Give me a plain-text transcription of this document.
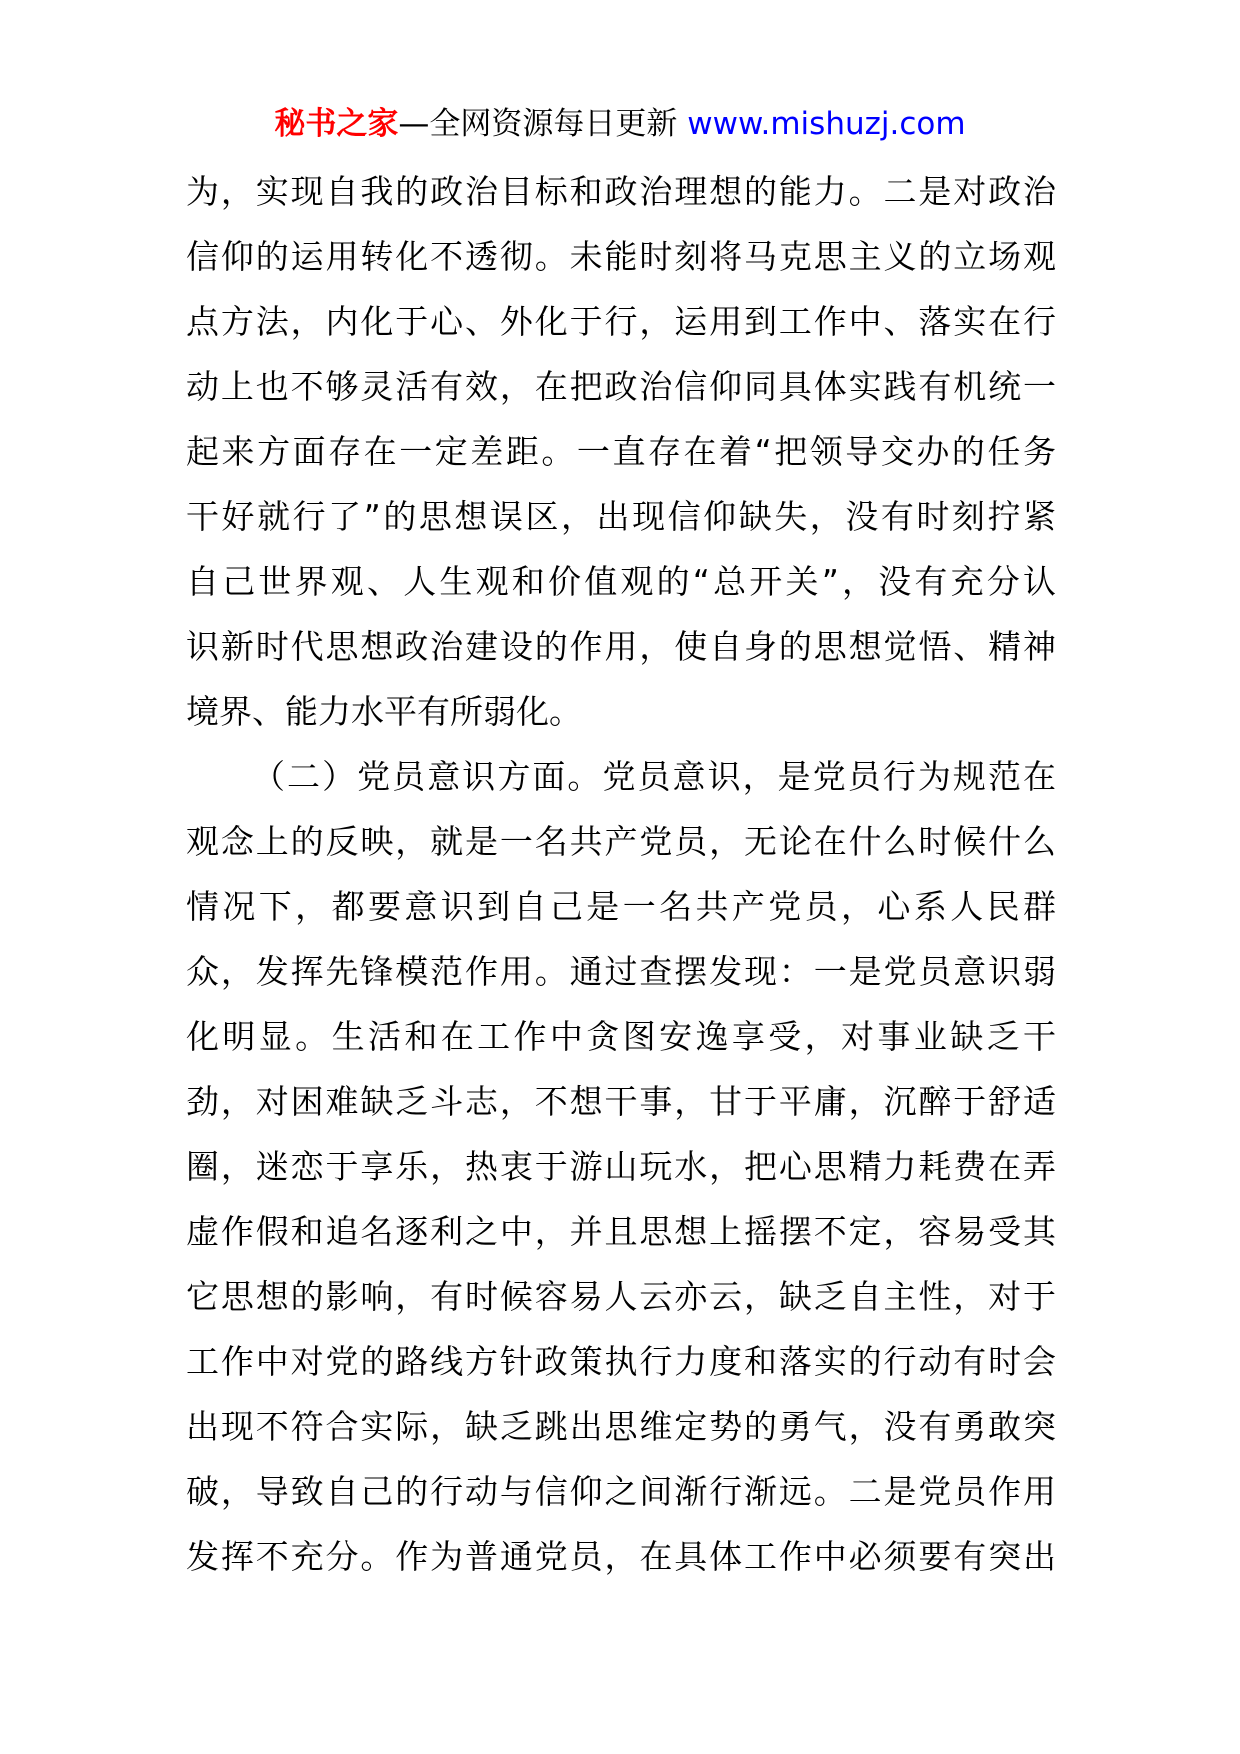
秘书之家—全网资源每日更新 www.mishuzj.com
为，实现自我的政治目标和政治理想的能力。二是对政治
信仰的运用转化不透彻。未能时刻将马克思主义的立场观
点方法，内化于心、外化于行，运用到工作中、落实在行
动上也不够灵活有效，在把政治信仰同具体实践有机统一
起来方面存在一定差距。一直存在着“把领导交办的任务
干好就行了”的思想误区，出现信仰缺失，没有时刻拧紧
自己世界观、人生观和价值观的“总开关”，没有充分认
识新时代思想政治建设的作用，使自身的思想觉悟、精神
境界、能力水平有所弱化。
（二）党员意识方面。党员意识，是党员行为规范在
观念上的反映，就是一名共产党员，无论在什么时候什么
情况下，都要意识到自己是一名共产党员，心系人民群
众，发挥先锋模范作用。通过查摆发现：一是党员意识弱
化明显。生活和在工作中贪图安逸享受，对事业缺乏干
劲，对困难缺乏斗志，不想干事，甘于平庸，沉醉于舒适
圈，迷恋于享乐，热衷于游山玩水，把心思精力耗费在弄
虚作假和追名逐利之中，并且思想上摇摆不定，容易受其
它思想的影响，有时候容易人云亦云，缺乏自主性，对于
工作中对党的路线方针政策执行力度和落实的行动有时会
出现不符合实际，缺乏跳出思维定势的勇气，没有勇敢突
破，导致自己的行动与信仰之间渐行渐远。二是党员作用
发挥不充分。作为普通党员，在具体工作中必须要有突出
